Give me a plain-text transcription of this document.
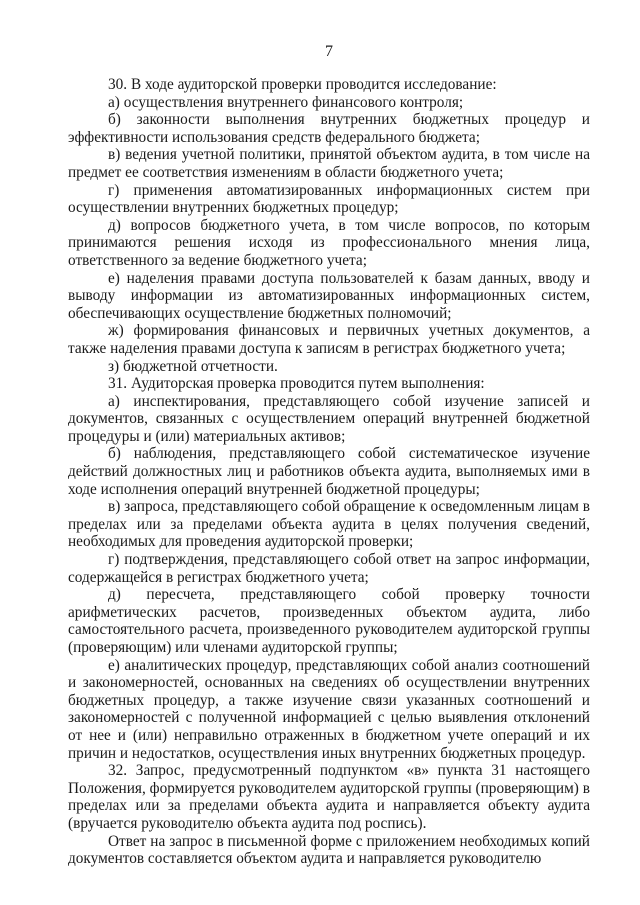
7

30. В ходе аудиторской проверки проводится исследование:

а) осуществления внутреннего финансового контроля;

б) законности выполнения внутренних бюджетных процедур и эффективности использования средств федерального бюджета;

в) ведения учетной политики, принятой объектом аудита, в том числе на предмет ее соответствия изменениям в области бюджетного учета;

г) применения автоматизированных информационных систем при осуществлении внутренних бюджетных процедур;

д) вопросов бюджетного учета, в том числе вопросов, по которым принимаются решения исходя из профессионального мнения лица, ответственного за ведение бюджетного учета;

е) наделения правами доступа пользователей к базам данных, вводу и выводу информации из автоматизированных информационных систем, обеспечивающих осуществление бюджетных полномочий;

ж) формирования финансовых и первичных учетных документов, а также наделения правами доступа к записям в регистрах бюджетного учета;

з) бюджетной отчетности.

31. Аудиторская проверка проводится путем выполнения:

а) инспектирования, представляющего собой изучение записей и документов, связанных с осуществлением операций внутренней бюджетной процедуры и (или) материальных активов;

б) наблюдения, представляющего собой систематическое изучение действий должностных лиц и работников объекта аудита, выполняемых ими в ходе исполнения операций внутренней бюджетной процедуры;

в) запроса, представляющего собой обращение к осведомленным лицам в пределах или за пределами объекта аудита в целях получения сведений, необходимых для проведения аудиторской проверки;

г) подтверждения, представляющего собой ответ на запрос информации, содержащейся в регистрах бюджетного учета;

д) пересчета, представляющего собой проверку точности арифметических расчетов, произведенных объектом аудита, либо самостоятельного расчета, произведенного руководителем аудиторской группы (проверяющим) или членами аудиторской группы;

е) аналитических процедур, представляющих собой анализ соотношений и закономерностей, основанных на сведениях об осуществлении внутренних бюджетных процедур, а также изучение связи указанных соотношений и закономерностей с полученной информацией с целью выявления отклонений от нее и (или) неправильно отраженных в бюджетном учете операций и их причин и недостатков, осуществления иных внутренних бюджетных процедур.

32. Запрос, предусмотренный подпунктом «в» пункта 31 настоящего Положения, формируется руководителем аудиторской группы (проверяющим) в пределах или за пределами объекта аудита и направляется объекту аудита (вручается руководителю объекта аудита под роспись).

Ответ на запрос в письменной форме с приложением необходимых копий документов составляется объектом аудита и направляется руководителю
